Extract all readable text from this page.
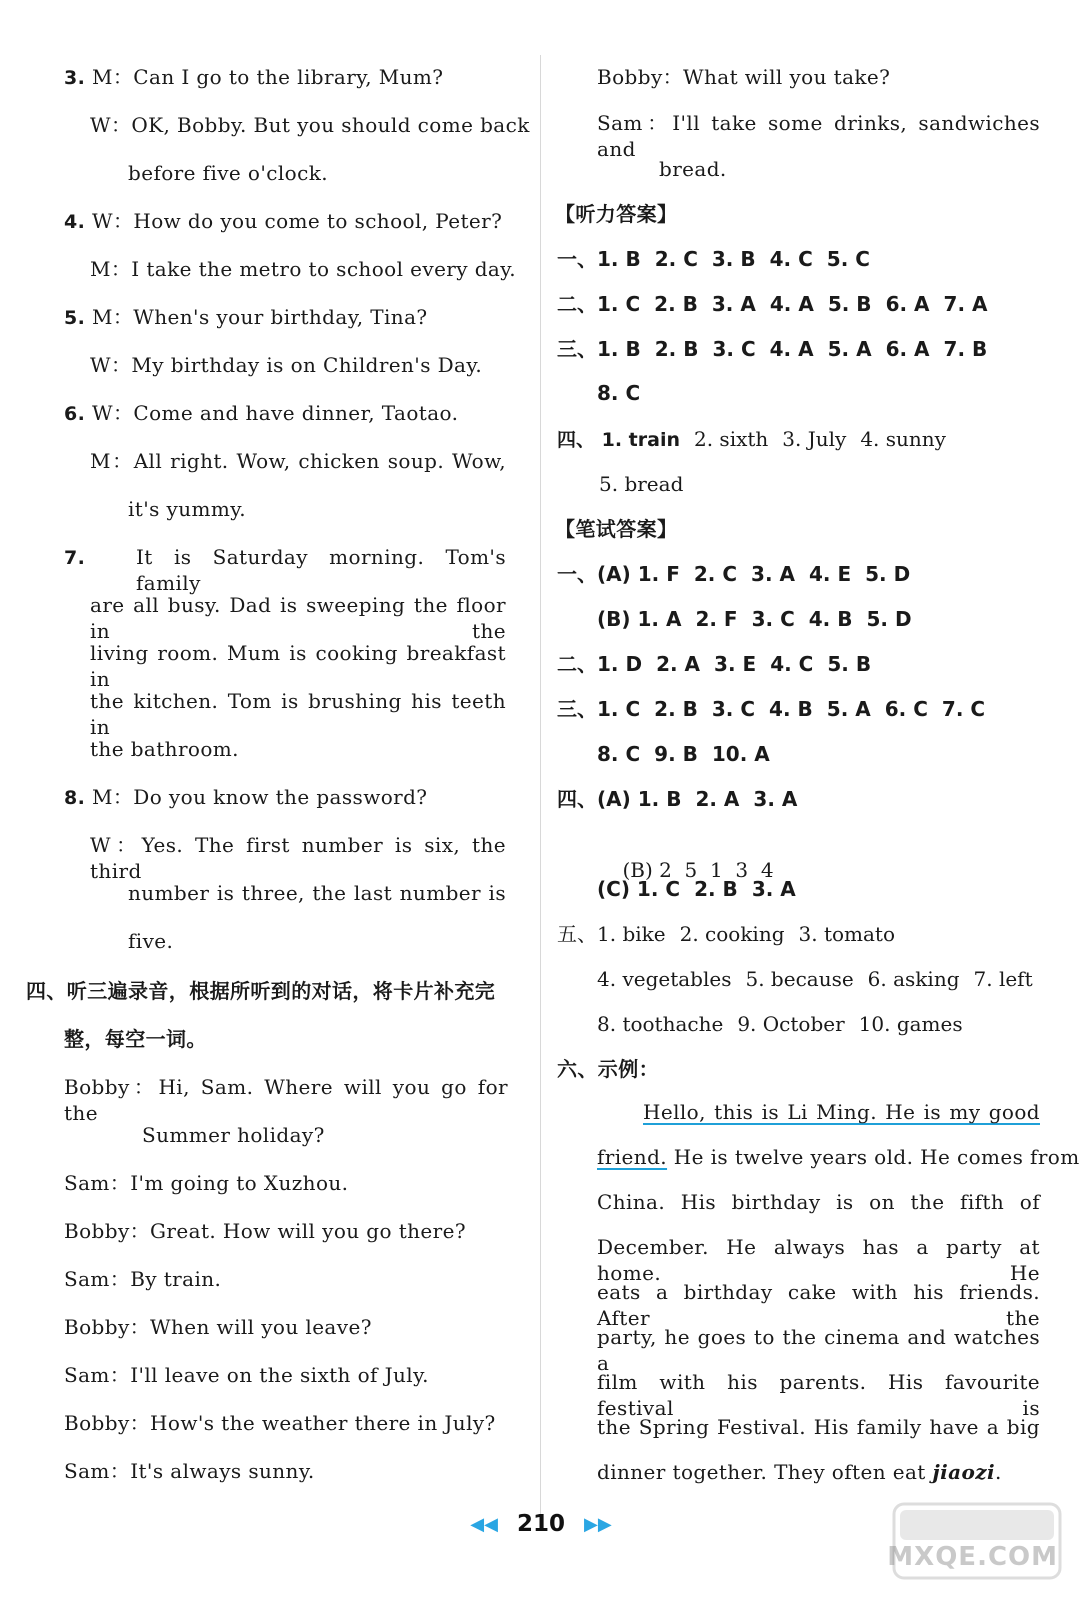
3. M：Can I go to the library, Mum?
W：OK, Bobby. But you should come back
before five o'clock.
4. W：How do you come to school, Peter?
M：I take the metro to school every day.
5. M：When's your birthday, Tina?
W：My birthday is on Children's Day.
6. W：Come and have dinner, Taotao.
M：All right. Wow, chicken soup. Wow,
it's yummy.
7.	It is Saturday morning. Tom's family
are all busy. Dad is sweeping the floor in the
living room. Mum is cooking breakfast in
the kitchen. Tom is brushing his teeth in
the bathroom.
8. M：Do you know the password?
W：Yes. The first number is six, the third
number is three, the last number is
five.
四、听三遍录音，根据所听到的对话，将卡片补充完
整，每空一词。
Bobby：Hi, Sam. Where will you go for the
Summer holiday?
Sam：I'm going to Xuzhou.
Bobby：Great. How will you go there?
Sam：By train.
Bobby：When will you leave?
Sam：I'll leave on the sixth of July.
Bobby：How's the weather there in July?
Sam：It's always sunny.
Bobby：What will you take?
Sam：I'll take some drinks, sandwiches and
bread.
【听力答案】
一、1. B 2. C 3. B 4. C 5. C
二、1. C 2. B 3. A 4. A 5. B 6. A 7. A
三、1. B 2. B 3. C 4. A 5. A 6. A 7. B
8. C
四、 1. train 2. sixth 3. July 4. sunny
5. bread
【笔试答案】
一、(A) 1. F 2. C 3. A 4. E 5. D
(B) 1. A 2. F 3. C 4. B 5. D
二、1. D 2. A 3. E 4. C 5. B
三、1. C 2. B 3. C 4. B 5. A 6. C 7. C
8. C 9. B 10. A
四、(A) 1. B 2. A 3. A

(B) 2  5  1  3  4

(C) 1. C 2. B 3. A
五、1. bike 2. cooking 3. tomato
4. vegetables 5. because 6. asking 7. left
8. toothache 9. October 10. games
六、示例：
Hello, this is Li Ming. He is my good
friend. He is twelve years old. He comes from
China. His birthday is on the fifth of
December. He always has a party at home. He
eats a birthday cake with his friends. After the
party, he goes to the cinema and watches a
film with his parents. His favourite festival is
the Spring Festival. His family have a big
dinner together. They often eat jiaozi.
◀◀ 210 ▶▶
MXQE.COM
